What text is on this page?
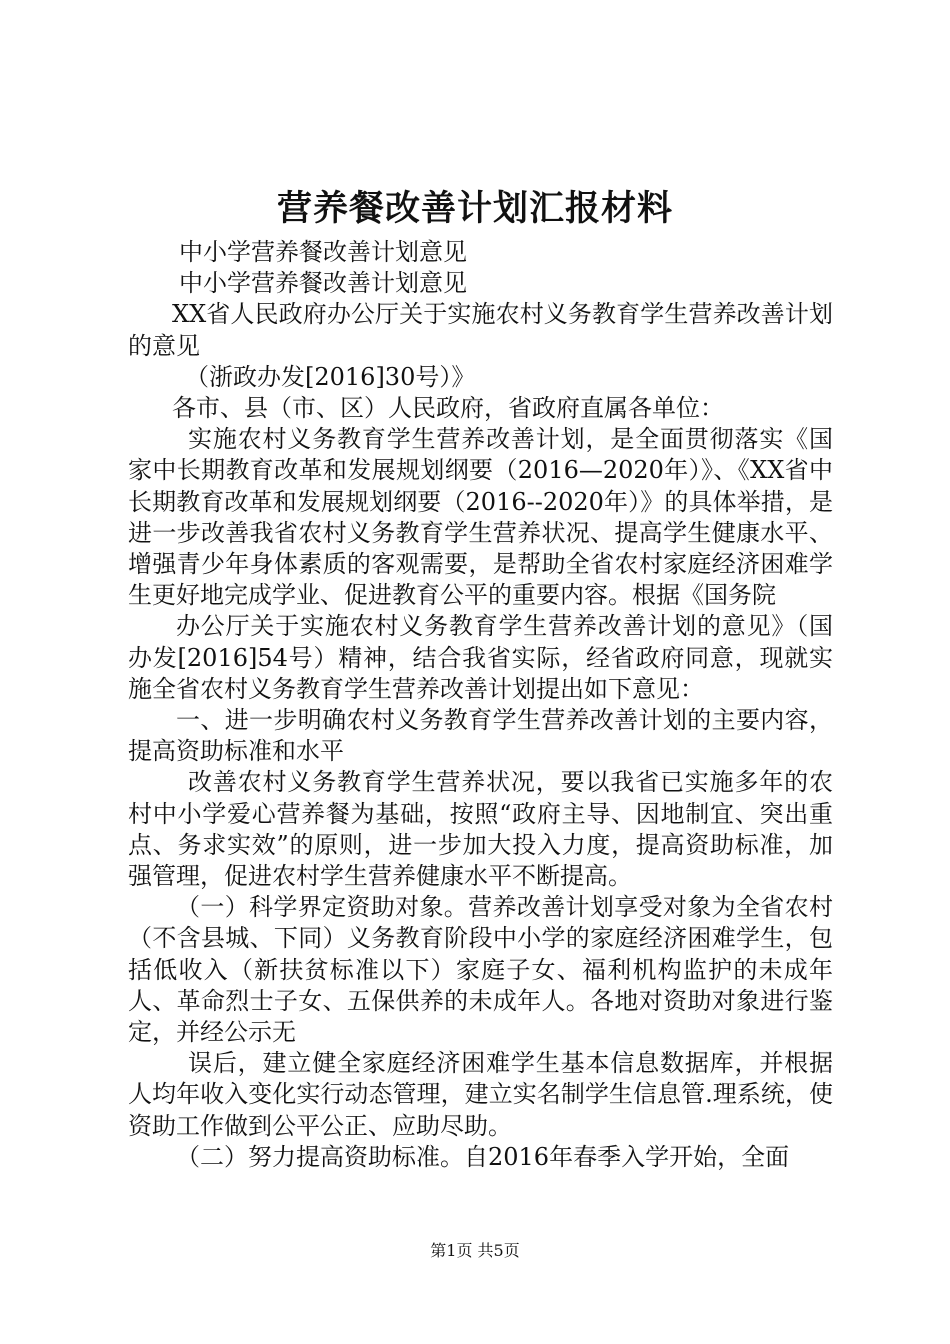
营养餐改善计划汇报材料

中小学营养餐改善计划意见

中小学营养餐改善计划意见

XX省人民政府办公厅关于实施农村义务教育学生营养改善计划的意见

（浙政办发[2016]30号）》

各市、县（市、区）人民政府，省政府直属各单位：

实施农村义务教育学生营养改善计划，是全面贯彻落实《国家中长期教育改革和发展规划纲要（2016—2020年）》、《XX省中长期教育改革和发展规划纲要（2016--2020年）》的具体举措，是进一步改善我省农村义务教育学生营养状况、提高学生健康水平、增强青少年身体素质的客观需要，是帮助全省农村家庭经济困难学生更好地完成学业、促进教育公平的重要内容。根据《国务院

办公厅关于实施农村义务教育学生营养改善计划的意见》（国办发[2016]54号）精神，结合我省实际，经省政府同意，现就实施全省农村义务教育学生营养改善计划提出如下意见：

一、进一步明确农村义务教育学生营养改善计划的主要内容，提高资助标准和水平

改善农村义务教育学生营养状况，要以我省已实施多年的农村中小学爱心营养餐为基础，按照“政府主导、因地制宜、突出重点、务求实效”的原则，进一步加大投入力度，提高资助标准，加强管理，促进农村学生营养健康水平不断提高。

（一）科学界定资助对象。营养改善计划享受对象为全省农村（不含县城、下同）义务教育阶段中小学的家庭经济困难学生，包括低收入（新扶贫标准以下）家庭子女、福利机构监护的未成年人、革命烈士子女、五保供养的未成年人。各地对资助对象进行鉴定，并经公示无

误后，建立健全家庭经济困难学生基本信息数据库，并根据人均年收入变化实行动态管理，建立实名制学生信息管.理系统，使资助工作做到公平公正、应助尽助。

（二）努力提高资助标准。自2016年春季入学开始，全面

第1页 共5页
